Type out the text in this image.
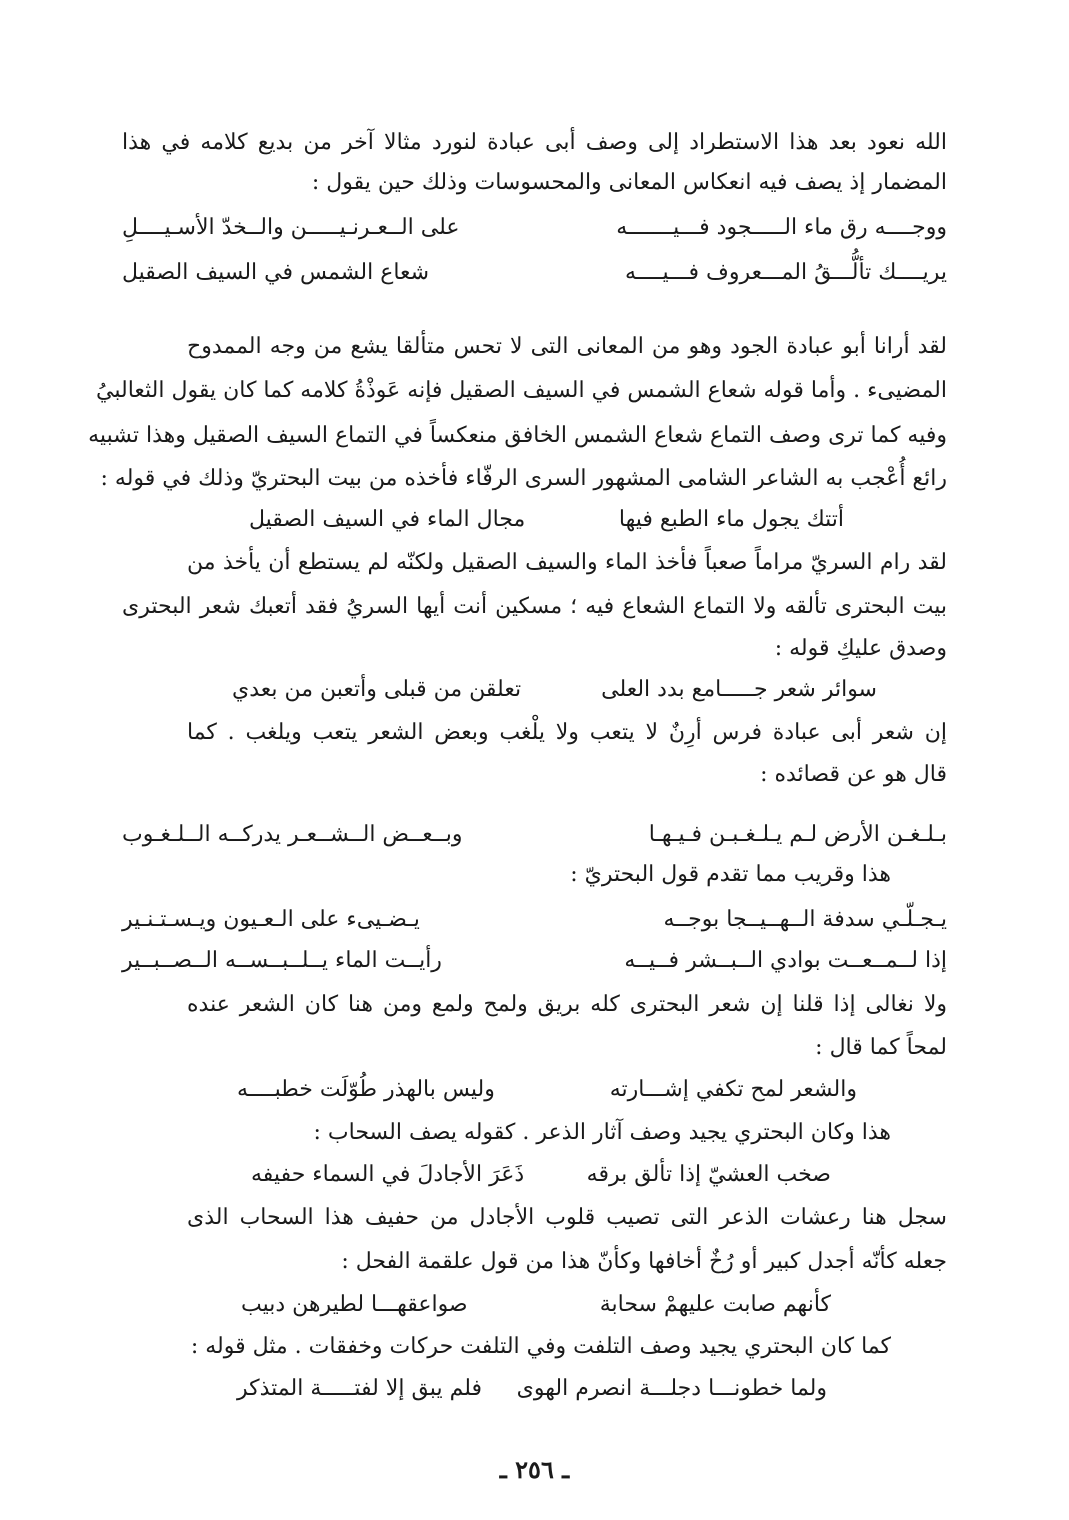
الله نعود بعد هذا الاستطراد إلى وصف أبى عبادة لنورد مثالا آخر من بديع كلامه في هذا
المضمار إذ يصف فيه انعكاس المعانى والمحسوسات وذلك حين يقول :
ووجــــه رق ماء الـــــجود فـــيـــــــه
على الــعـرنـيـــــن والــخدّ الأسـيــــلِ
يريــــك تألُّـــقُ المـــعروف فـــيــــه
شعاع الشمس في السيف الصقيل
لقد أرانا أبو عبادة الجود وهو من المعانى التى لا تحس متألقا يشع من وجه الممدوح
المضيىء . وأما قوله شعاع الشمس في السيف الصقيل فإنه عَوذْةُ كلامه كما كان يقول الثعالبيُ
وفيه كما ترى وصف التماع شعاع الشمس الخافق منعكساً في التماع السيف الصقيل وهذا تشبيه
رائع أُعْجب به الشاعر الشامى المشهور السرى الرفّاء فأخذه من بيت البحتريّ وذلك في قوله :
أتتك يجول ماء الطبع فيها
مجال الماء في السيف الصقيل
لقد رام السريّ مراماً صعباً فأخذ الماء والسيف الصقيل ولكنّه لم يستطع أن يأخذ من
بيت البحترى تألقه ولا التماع الشعاع فيه ؛ مسكين أنت أيها السريُ فقد أتعبك شعر البحترى
وصدق عليكِ قوله :
سوائر شعر جـــــامع بدد العلى
تعلقن من قبلى وأتعبن من بعدي
إن شعر أبى عبادة فرس أرِنٌ لا يتعب ولا يلْغب وبعض الشعر يتعب ويلغب . كما
قال هو عن قصائده :
بـلـغـن الأرض لـم يـلـغـبـن فـيـهـا
وبــعــض الــشــعـر يدركــه الــلـغـوب
هذا وقريب مما تقدم قول البحتريّ :
يـجـلّـي سدفة الــهــيــجا بوجــه
يـضـيىء على الـعـيون ويـسـتـنـير
إذا لــمــعــت بوادي الــبــشر فــيــه
رأيــت الماء يــلــبــســه الــصــبــير
ولا نغالى إذا قلنا إن شعر البحترى كله بريق ولمح ولمع ومن هنا كان الشعر عنده
لمحاً كما قال :
والشعر لمح تكفي إشـــارته
وليس بالهذر طُوّلَت خطبــــه
هذا وكان البحتري يجيد وصف آثار الذعر . كقوله يصف السحاب :
صخب العشيّ إذا تألق برقه
ذَعَرَ الأجادلَ في السماء حفيفه
سجل هنا رعشات الذعر التى تصيب قلوب الأجادل من حفيف هذا السحاب الذى
جعله كأنّه أجدل كبير أو رُخٌ أخافها وكأنّ هذا من قول علقمة الفحل :
كأنهم صابت عليهمْ سحابة
صواعقهـــا لطيرهن دبيب
كما كان البحتري يجيد وصف التلفت وفي التلفت حركات وخفقات . مثل قوله :
ولما خطونـــا دجلـــة انصرم الهوى
فلم يبق إلا لفتـــــة المتذكر
ـ ٢٥٦ ـ
